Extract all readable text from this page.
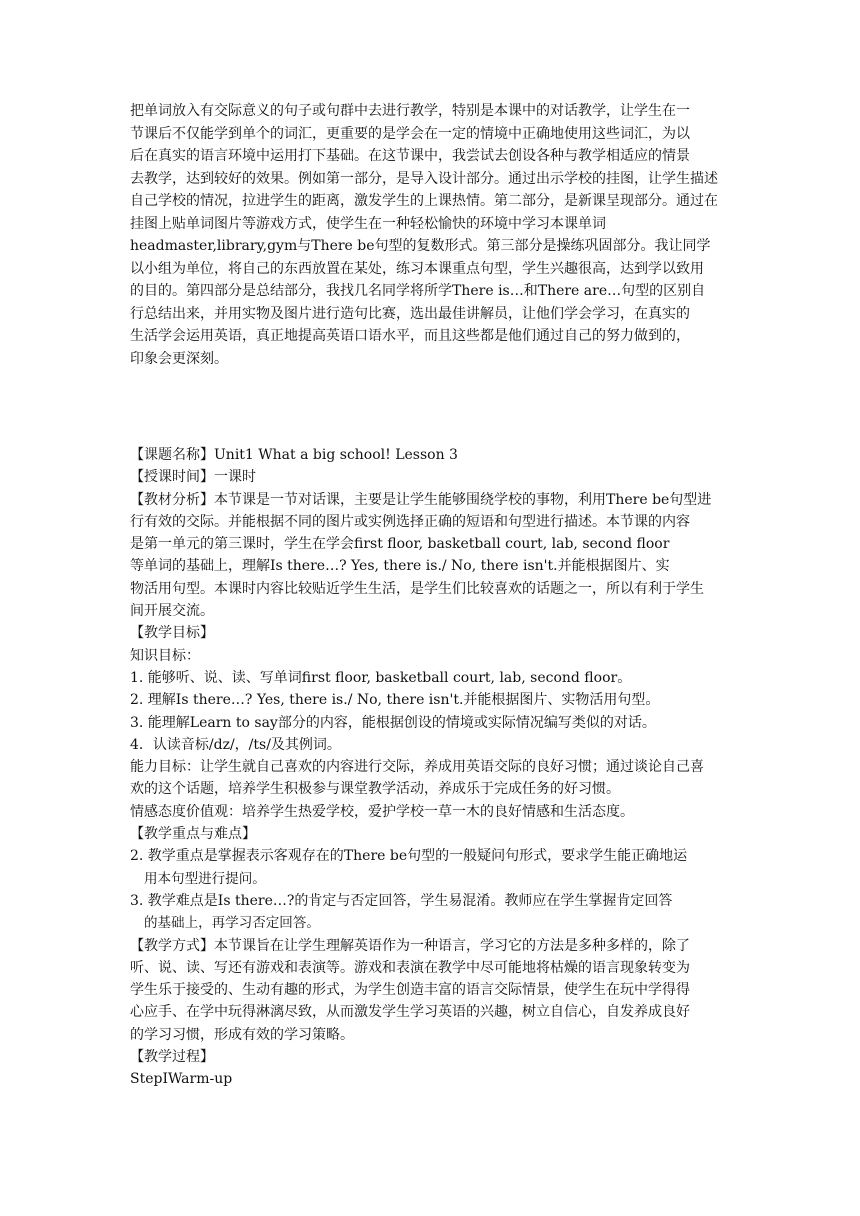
把单词放入有交际意义的句子或句群中去进行教学，特别是本课中的对话教学，让学生在一
节课后不仅能学到单个的词汇，更重要的是学会在一定的情境中正确地使用这些词汇，为以
后在真实的语言环境中运用打下基础。在这节课中，我尝试去创设各种与教学相适应的情景
去教学，达到较好的效果。例如第一部分，是导入设计部分。通过出示学校的挂图，让学生描述
自己学校的情况，拉进学生的距离，激发学生的上课热情。第二部分，是新课呈现部分。通过在
挂图上贴单词图片等游戏方式，使学生在一种轻松愉快的环境中学习本课单词
headmaster,library,gym与There be句型的复数形式。第三部分是操练巩固部分。我让同学
以小组为单位，将自己的东西放置在某处，练习本课重点句型，学生兴趣很高，达到学以致用
的目的。第四部分是总结部分，我找几名同学将所学There is…和There are…句型的区别自
行总结出来，并用实物及图片进行造句比赛，选出最佳讲解员，让他们学会学习，在真实的
生活学会运用英语，真正地提高英语口语水平，而且这些都是他们通过自己的努力做到的，
印象会更深刻。

【课题名称】Unit1 What a big school! Lesson 3
【授课时间】一课时
【教材分析】本节课是一节对话课，主要是让学生能够围绕学校的事物，利用There be句型进
行有效的交际。并能根据不同的图片或实例选择正确的短语和句型进行描述。本节课的内容
是第一单元的第三课时，学生在学会first floor, basketball court, lab, second floor
等单词的基础上，理解Is there…? Yes, there is./ No, there isn't.并能根据图片、实
物活用句型。本课时内容比较贴近学生生活，是学生们比较喜欢的话题之一，所以有利于学生
间开展交流。
【教学目标】
知识目标：
1. 能够听、说、读、写单词first floor, basketball court, lab, second floor。
2. 理解Is there…? Yes, there is./ No, there isn't.并能根据图片、实物活用句型。
3. 能理解Learn to say部分的内容，能根据创设的情境或实际情况编写类似的对话。
4．认读音标/dz/，/ts/及其例词。
能力目标：让学生就自己喜欢的内容进行交际，养成用英语交际的良好习惯；通过谈论自己喜
欢的这个话题，培养学生积极参与课堂教学活动，养成乐于完成任务的好习惯。
情感态度价值观：培养学生热爱学校，爱护学校一草一木的良好情感和生活态度。
【教学重点与难点】
2. 教学重点是掌握表示客观存在的There be句型的一般疑问句形式，要求学生能正确地运
用本句型进行提问。
3. 教学难点是Is there…?的肯定与否定回答，学生易混淆。教师应在学生掌握肯定回答
的基础上，再学习否定回答。
【教学方式】本节课旨在让学生理解英语作为一种语言，学习它的方法是多种多样的，除了
听、说、读、写还有游戏和表演等。游戏和表演在教学中尽可能地将枯燥的语言现象转变为
学生乐于接受的、生动有趣的形式，为学生创造丰富的语言交际情景，使学生在玩中学得得
心应手、在学中玩得淋漓尽致，从而激发学生学习英语的兴趣，树立自信心，自发养成良好
的学习习惯，形成有效的学习策略。
【教学过程】
StepⅠWarm-up
